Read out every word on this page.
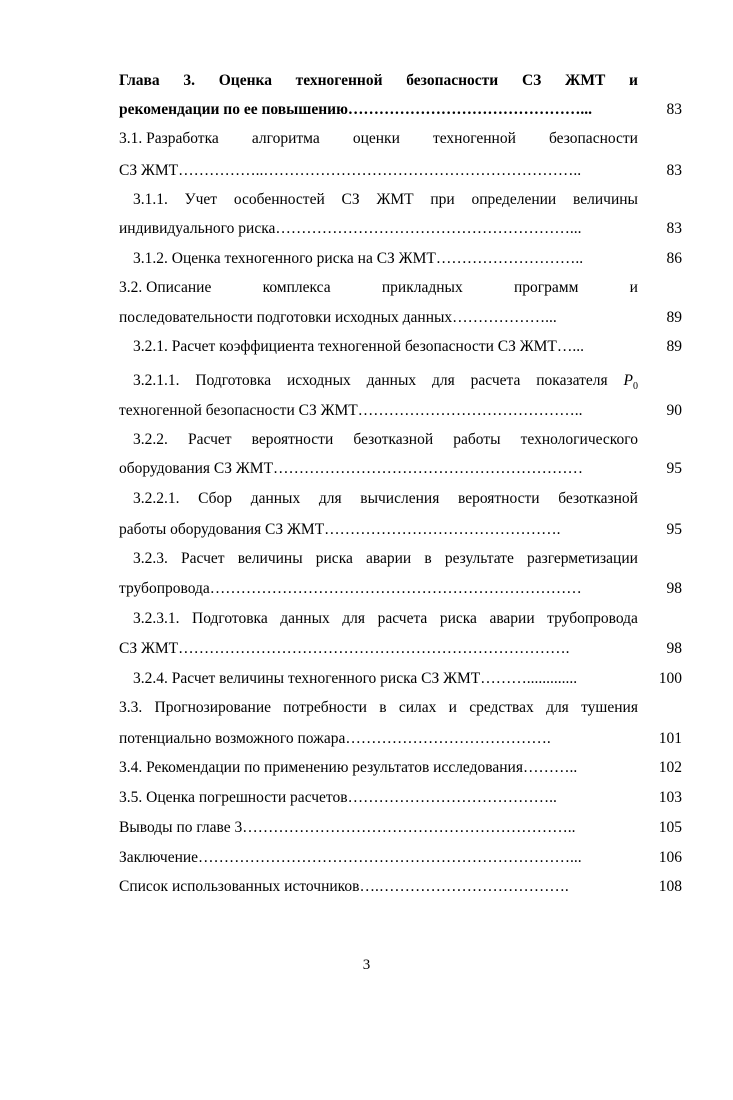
Глава 3. Оценка техногенной безопасности СЗ ЖМТ и
рекомендации по ее повышению………………………………………...	83
3.1. Разработка алгоритма оценки техногенной безопасности
СЗ ЖМТ……………..……………………………………………………..	83
3.1.1. Учет особенностей СЗ ЖМТ при определении величины
индивидуального риска…………………………………………………...	83
3.1.2. Оценка техногенного риска на СЗ ЖМТ………………………..	86
3.2. Описание	комплекса	прикладных	программ	и
последовательности подготовки исходных данных………………...	89
3.2.1. Расчет коэффициента техногенной безопасности СЗ ЖМТ…...	89
3.2.1.1. Подготовка исходных данных для расчета показателя $P_0$
техногенной безопасности СЗ ЖМТ……………………………………..	90
3.2.2. Расчет вероятности безотказной работы технологического
оборудования СЗ ЖМТ……………………………………………………	95
3.2.2.1. Сбор данных для вычисления вероятности безотказной
работы оборудования СЗ ЖМТ……………………………………….	95
3.2.3. Расчет величины риска аварии в результате разгерметизации
трубопровода………………………………………………………………	98
3.2.3.1. Подготовка данных для расчета риска аварии трубопровода
СЗ ЖМТ………………………………………………………………….	98
3.2.4. Расчет величины техногенного риска СЗ ЖМТ……….............	100
3.3. Прогнозирование потребности в силах и средствах для тушения
потенциально возможного пожара………………………………….	101
3.4. Рекомендации по применению результатов исследования………..	102
3.5. Оценка погрешности расчетов…………………………………..	103
Выводы по главе 3………………………………………………………..	105
Заключение………………………………………………………………...	106
Список использованных источников….……………………………….	108
3
